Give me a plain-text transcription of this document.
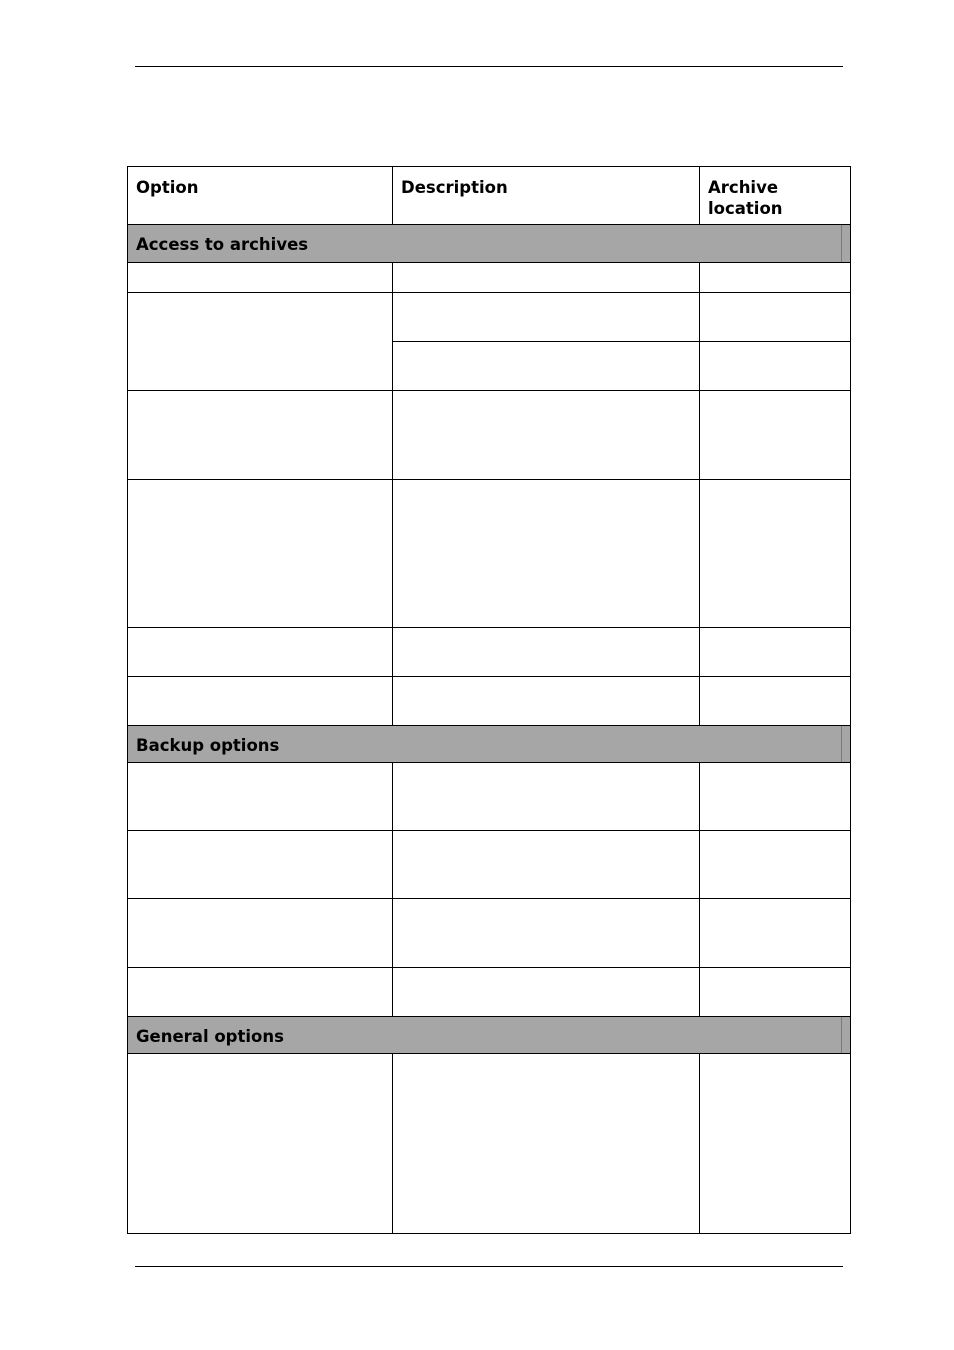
Option	Description	Archive location
Access to archives		

Backup options		

General options		
